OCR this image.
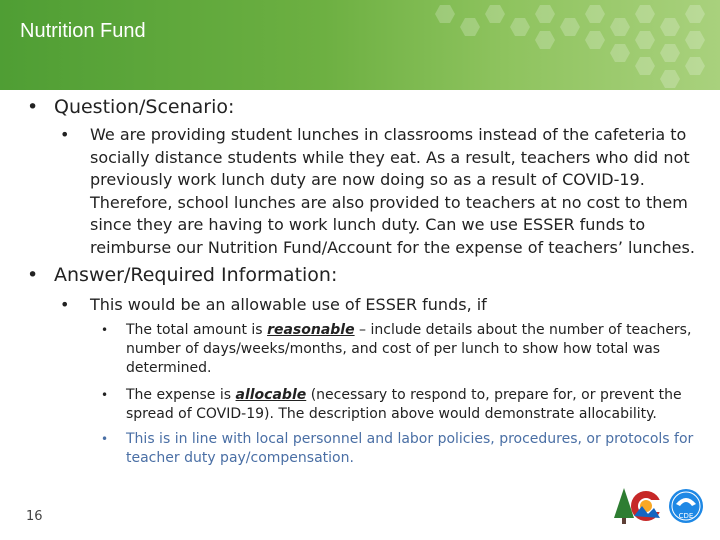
Nutrition Fund
• Question/Scenario:
• We are providing student lunches in classrooms instead of the cafeteria to socially distance students while they eat. As a result, teachers who did not previously work lunch duty are now doing so as a result of COVID-19. Therefore, school lunches are also provided to teachers at no cost to them since they are having to work lunch duty. Can we use ESSER funds to reimburse our Nutrition Fund/Account for the expense of teachers’ lunches.
• Answer/Required Information:
• This would be an allowable use of ESSER funds, if
• The total amount is reasonable – include details about the number of teachers, number of days/weeks/months, and cost of per lunch to show how total was determined.
• The expense is allocable (necessary to respond to, prepare for, or prevent the spread of COVID-19). The description above would demonstrate allocability.
• This is in line with local personnel and labor policies, procedures, or protocols for teacher duty pay/compensation.
16	CDE
